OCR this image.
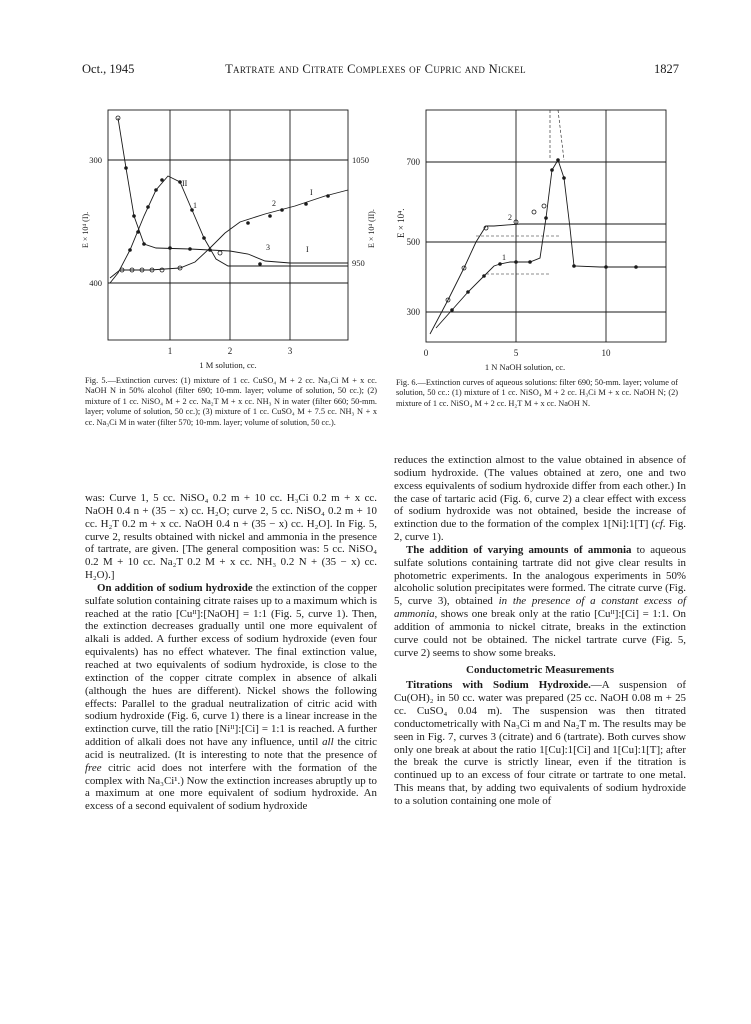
Oct., 1945	Tartrate and Citrate Complexes of Cupric and Nickel	1827
300
400
1050
950
1	2	3
1 M solution, cc.
E × 10⁴ (I).	E × 10⁴ (II).
II
1	2
I
3	I
Fig. 5.—Extinction curves: (1) mixture of 1 cc. CuSO₄ M + 2 cc. Na₃Ci M + x cc. NaOH N in 50% alcohol (filter 690; 10-mm. layer; volume of solution, 50 cc.); (2) mixture of 1 cc. NiSO₄ M + 2 cc. Na₂T M + x cc. NH₃ N in water (filter 660; 50-mm. layer; volume of solution, 50 cc.); (3) mixture of 1 cc. CuSO₄ M + 7.5 cc. NH₃ N + x cc. Na₃Ci M in water (filter 570; 10-mm. layer; volume of solution, 50 cc.).
700
500
300
0	5	10
1 N NaOH solution, cc.
E × 10⁴.	2
1
Fig. 6.—Extinction curves of aqueous solutions: filter 690; 50-mm. layer; volume of solution, 50 cc.: (1) mixture of 1 cc. NiSO₄ M + 2 cc. H₃Ci M + x cc. NaOH N; (2) mixture of 1 cc. NiSO₄ M + 2 cc. H₂T M + x cc. NaOH N.

was: Curve 1, 5 cc. NiSO₄ 0.2 m + 10 cc. H₃Ci 0.2 m + x cc. NaOH 0.4 n + (35 − x) cc. H₂O; curve 2, 5 cc. NiSO₄ 0.2 m + 10 cc. H₂T 0.2 m + x cc. NaOH 0.4 n + (35 − x) cc. H₂O]. In Fig. 5, curve 2, results obtained with nickel and ammonia in the presence of tartrate, are given. [The general composition was: 5 cc. NiSO₄ 0.2 M + 10 cc. Na₂T 0.2 M + x cc. NH₃ 0.2 N + (35 − x) cc. H₂O).]

On addition of sodium hydroxide the extinction of the copper sulfate solution containing citrate raises up to a maximum which is reached at the ratio [Cuᴵᴵ]:[NaOH] = 1:1 (Fig. 5, curve 1). Then, the extinction decreases gradually until one more equivalent of alkali is added. A further excess of sodium hydroxide (even four equivalents) has no effect whatever. The final extinction value, reached at two equivalents of sodium hydroxide, is close to the extinction of the copper citrate complex in absence of alkali (although the hues are different). Nickel shows the following effects: Parallel to the gradual neutralization of citric acid with sodium hydroxide (Fig. 6, curve 1) there is a linear increase in the extinction curve, till the ratio [Niᴵᴵ]:[Ci] = 1:1 is reached. A further addition of alkali does not have any influence, until all the citric acid is neutralized. (It is interesting to note that the presence of free citric acid does not interfere with the formation of the complex with Na₃Ci¹.) Now the extinction increases abruptly up to a maximum at one more equivalent of sodium hydroxide. An excess of a second equivalent of sodium hydroxide

reduces the extinction almost to the value obtained in absence of sodium hydroxide. (The values obtained at zero, one and two excess equivalents of sodium hydroxide differ from each other.) In the case of tartaric acid (Fig. 6, curve 2) a clear effect with excess of sodium hydroxide was not obtained, beside the increase of extinction due to the formation of the complex 1[Ni]:1[T] (cf. Fig. 2, curve 1).

The addition of varying amounts of ammonia to aqueous sulfate solutions containing tartrate did not give clear results in photometric experiments. In the analogous experiments in 50% alcoholic solution precipitates were formed. The citrate curve (Fig. 5, curve 3), obtained in the presence of a constant excess of ammonia, shows one break only at the ratio [Cuᴵᴵ]:[Ci] = 1:1. On addition of ammonia to nickel citrate, breaks in the extinction curve could not be obtained. The nickel tartrate curve (Fig. 5, curve 2) seems to show some breaks.

Conductometric Measurements

Titrations with Sodium Hydroxide.—A suspension of Cu(OH)₂ in 50 cc. water was prepared (25 cc. NaOH 0.08 m + 25 cc. CuSO₄ 0.04 m). The suspension was then titrated conductometrically with Na₃Ci m and Na₂T m. The results may be seen in Fig. 7, curves 3 (citrate) and 6 (tartrate). Both curves show only one break at about the ratio 1[Cu]:1[Ci] and 1[Cu]:1[T]; after the break the curve is strictly linear, even if the titration is continued up to an excess of four citrate or tartrate to one metal. This means that, by adding two equivalents of sodium hydroxide to a solution containing one mole of
